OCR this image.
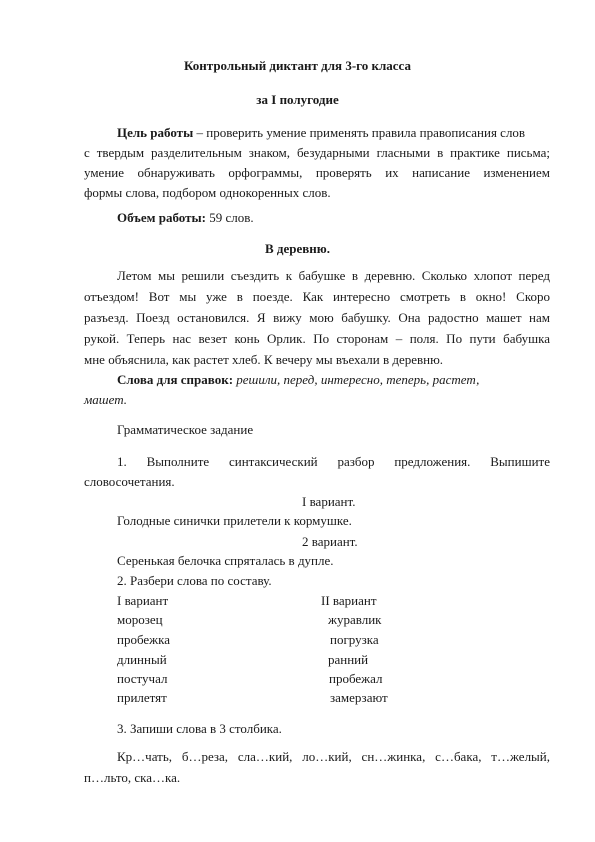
Контрольный диктант для 3-го класса
за I полугодие
Цель работы – проверить умение применять правила правописания слов
с твердым разделительным знаком, безударными гласными в практике письма;
умение обнаруживать орфограммы, проверять их написание изменением
формы слова, подбором однокоренных слов.
Объем работы: 59 слов.
В деревню.
Летом мы решили съездить к бабушке в деревню. Сколько хлопот перед
отъездом! Вот мы уже в поезде. Как интересно смотреть в окно! Скоро
разъезд. Поезд остановился. Я вижу мою бабушку. Она радостно машет нам
рукой. Теперь нас везет конь Орлик. По сторонам – поля. По пути бабушка
мне объяснила, как растет хлеб. К вечеру мы въехали в деревню.
Слова для справок: решили, перед, интересно, теперь, растет,
машет.
Грамматическое задание
1. Выполните синтаксический разбор предложения. Выпишите
словосочетания.
I вариант.
Голодные синички прилетели к кормушке.
2 вариант.
Серенькая белочка спряталась в дупле.
2. Разбери слова по составу.
I вариант	II вариант
морозец	журавлик
пробежка	погрузка
длинный	ранний
постучал	пробежал
прилетят	замерзают
3. Запиши слова в 3 столбика.
Кр…чать, б…реза, сла…кий, ло…кий, сн…жинка, с…бака, т…желый,
п…льто, ска…ка.
